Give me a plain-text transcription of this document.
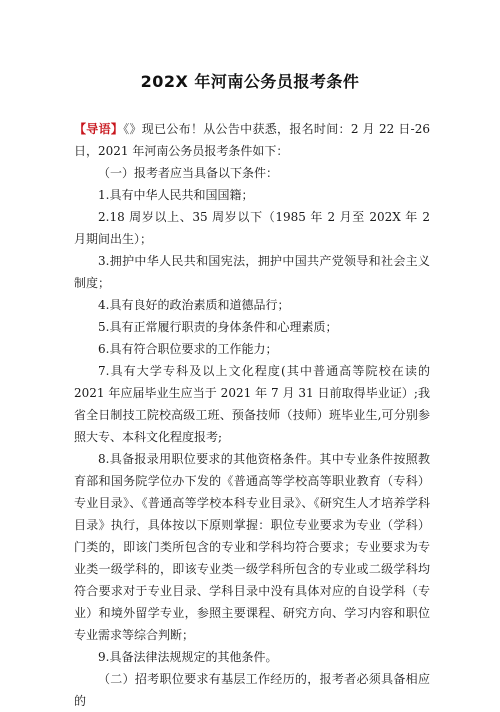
202X 年河南公务员报考条件

【导语】《》现已公布！从公告中获悉，报名时间：2 月 22 日-26 日，2021 年河南公务员报考条件如下：

（一）报考者应当具备以下条件：

1.具有中华人民共和国国籍；

2.18 周岁以上、35 周岁以下（1985 年 2 月至 202X 年 2 月期间出生）；

3.拥护中华人民共和国宪法，拥护中国共产党领导和社会主义制度；

4.具有良好的政治素质和道德品行；

5.具有正常履行职责的身体条件和心理素质；

6.具有符合职位要求的工作能力；

7.具有大学专科及以上文化程度(其中普通高等院校在读的 2021 年应届毕业生应当于 2021 年 7 月 31 日前取得毕业证）;我省全日制技工院校高级工班、预备技师（技师）班毕业生,可分别参照大专、本科文化程度报考;

8.具备报录用职位要求的其他资格条件。其中专业条件按照教育部和国务院学位办下发的《普通高等学校高等职业教育（专科）专业目录》、《普通高等学校本科专业目录》、《研究生人才培养学科目录》执行，具体按以下原则掌握：职位专业要求为专业（学科）门类的，即该门类所包含的专业和学科均符合要求；专业要求为专业类一级学科的，即该专业类一级学科所包含的专业或二级学科均符合要求对于专业目录、学科目录中没有具体对应的自设学科（专业）和境外留学专业，参照主要课程、研究方向、学习内容和职位专业需求等综合判断；

9.具备法律法规规定的其他条件。

（二）招考职位要求有基层工作经历的，报考者必须具备相应的
